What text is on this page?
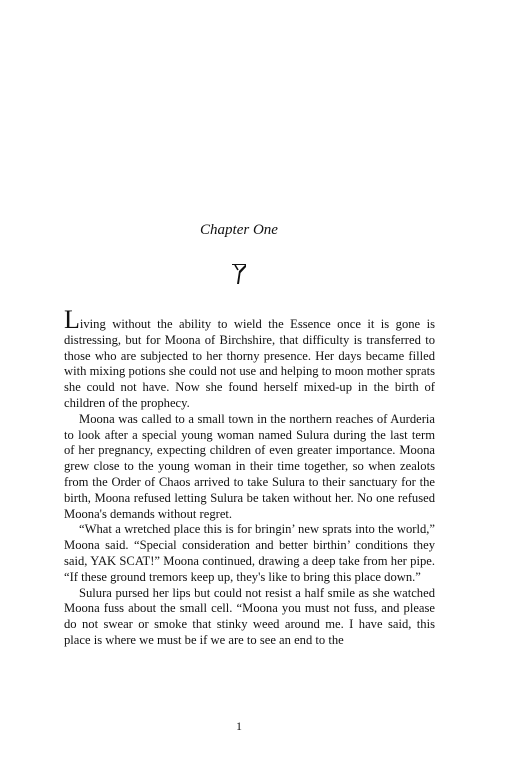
Chapter One

Living without the ability to wield the Essence once it is gone is distressing, but for Moona of Birchshire, that difficulty is transferred to those who are subjected to her thorny presence. Her days became filled with mixing potions she could not use and helping to moon mother sprats she could not have. Now she found herself mixed-up in the birth of children of the prophecy.

Moona was called to a small town in the northern reaches of Aurderia to look after a special young woman named Sulura during the last term of her pregnancy, expecting children of even greater importance. Moona grew close to the young woman in their time together, so when zealots from the Order of Chaos arrived to take Sulura to their sanctuary for the birth, Moona refused letting Sulura be taken without her. No one refused Moona's demands without regret.

“What a wretched place this is for bringin’ new sprats into the world,” Moona said. “Special consideration and better birthin’ conditions they said, YAK SCAT!” Moona continued, drawing a deep take from her pipe. “If these ground tremors keep up, they's like to bring this place down.”

Sulura pursed her lips but could not resist a half smile as she watched Moona fuss about the small cell. “Moona you must not fuss, and please do not swear or smoke that stinky weed around me. I have said, this place is where we must be if we are to see an end to the

1
